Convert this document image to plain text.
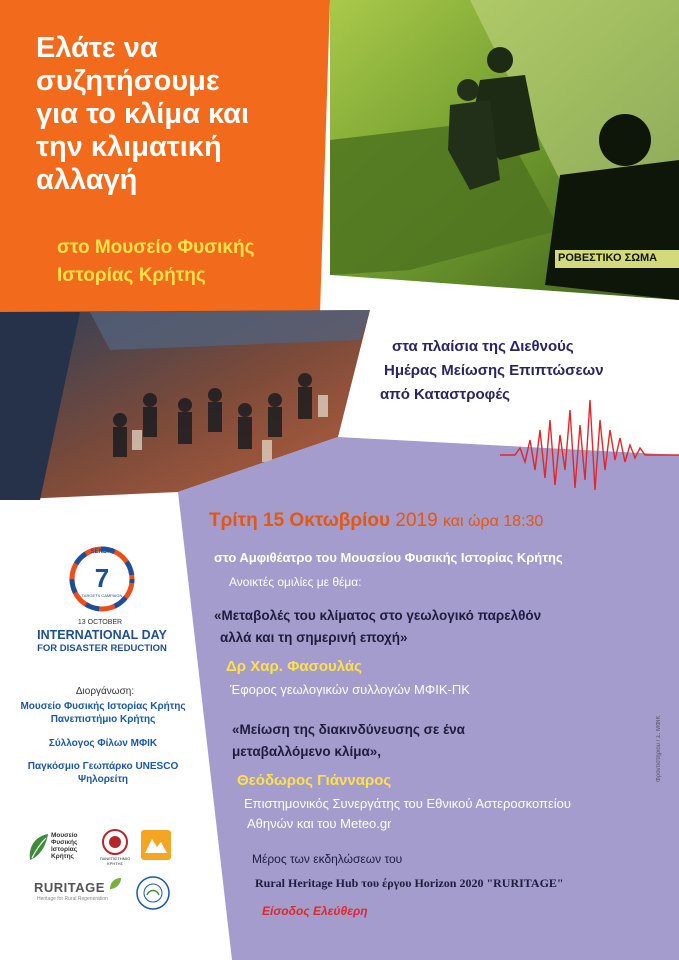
Ελάτε να
συζητήσουμε
για το κλίμα και
την κλιματική
αλλαγή
στο Μουσείο Φυσικής
Ιστορίας Κρήτης
ΡΟΒΕΣΤΙΚΟ ΣΩΜΑ
στα πλαίσια της Διεθνούς
Ημέρας Μείωσης Επιπτώσεων
από Καταστροφές
Τρίτη 15 Οκτωβρίου 2019 και ώρα 18:30
στο Αμφιθέατρο του Μουσείου Φυσικής Ιστορίας Κρήτης
Ανοικτές ομιλίες με θέμα:
«Μεταβολές του κλίματος στο γεωλογικό παρελθόν
αλλά και τη σημερινή εποχή»
Δρ Χαρ. Φασουλάς
Έφορος γεωλογικών συλλογών ΜΦΙΚ-ΠΚ
«Μείωση της διακινδύνευσης σε ένα
μεταβαλλόμενο κλίμα»,
Θεόδωρος Γιάνναρος
Επιστημονικός Συνεργάτης του Εθνικού Αστεροσκοπείου
Αθηνών και του Meteo.gr
Μέρος των εκδηλώσεων του
Rural Heritage Hub του έργου Horizon 2020 "RURITAGE"
Είσοδος Ελεύθερη
Φροντιστηρίου / Σ. ΜΦΙΚ
SENDAI
7
TARGETS CAMPAIGN
13 OCTOBER
INTERNATIONAL DAY
FOR DISASTER REDUCTION
Διοργάνωση:
Μουσείο Φυσικής Ιστορίας Κρήτης
Πανεπιστήμιο Κρήτης
Σύλλογος Φίλων ΜΦΙΚ
Παγκόσμιο Γεωπάρκο UNESCO
Ψηλορείτη
Μουσείο
Φυσικής
Ιστορίας
Κρήτης	ΠΑΝΕΠΙΣΤΗΜΙΟ ΚΡΗΤΗΣ
RURITAGE
Heritage for Rural Regeneration
